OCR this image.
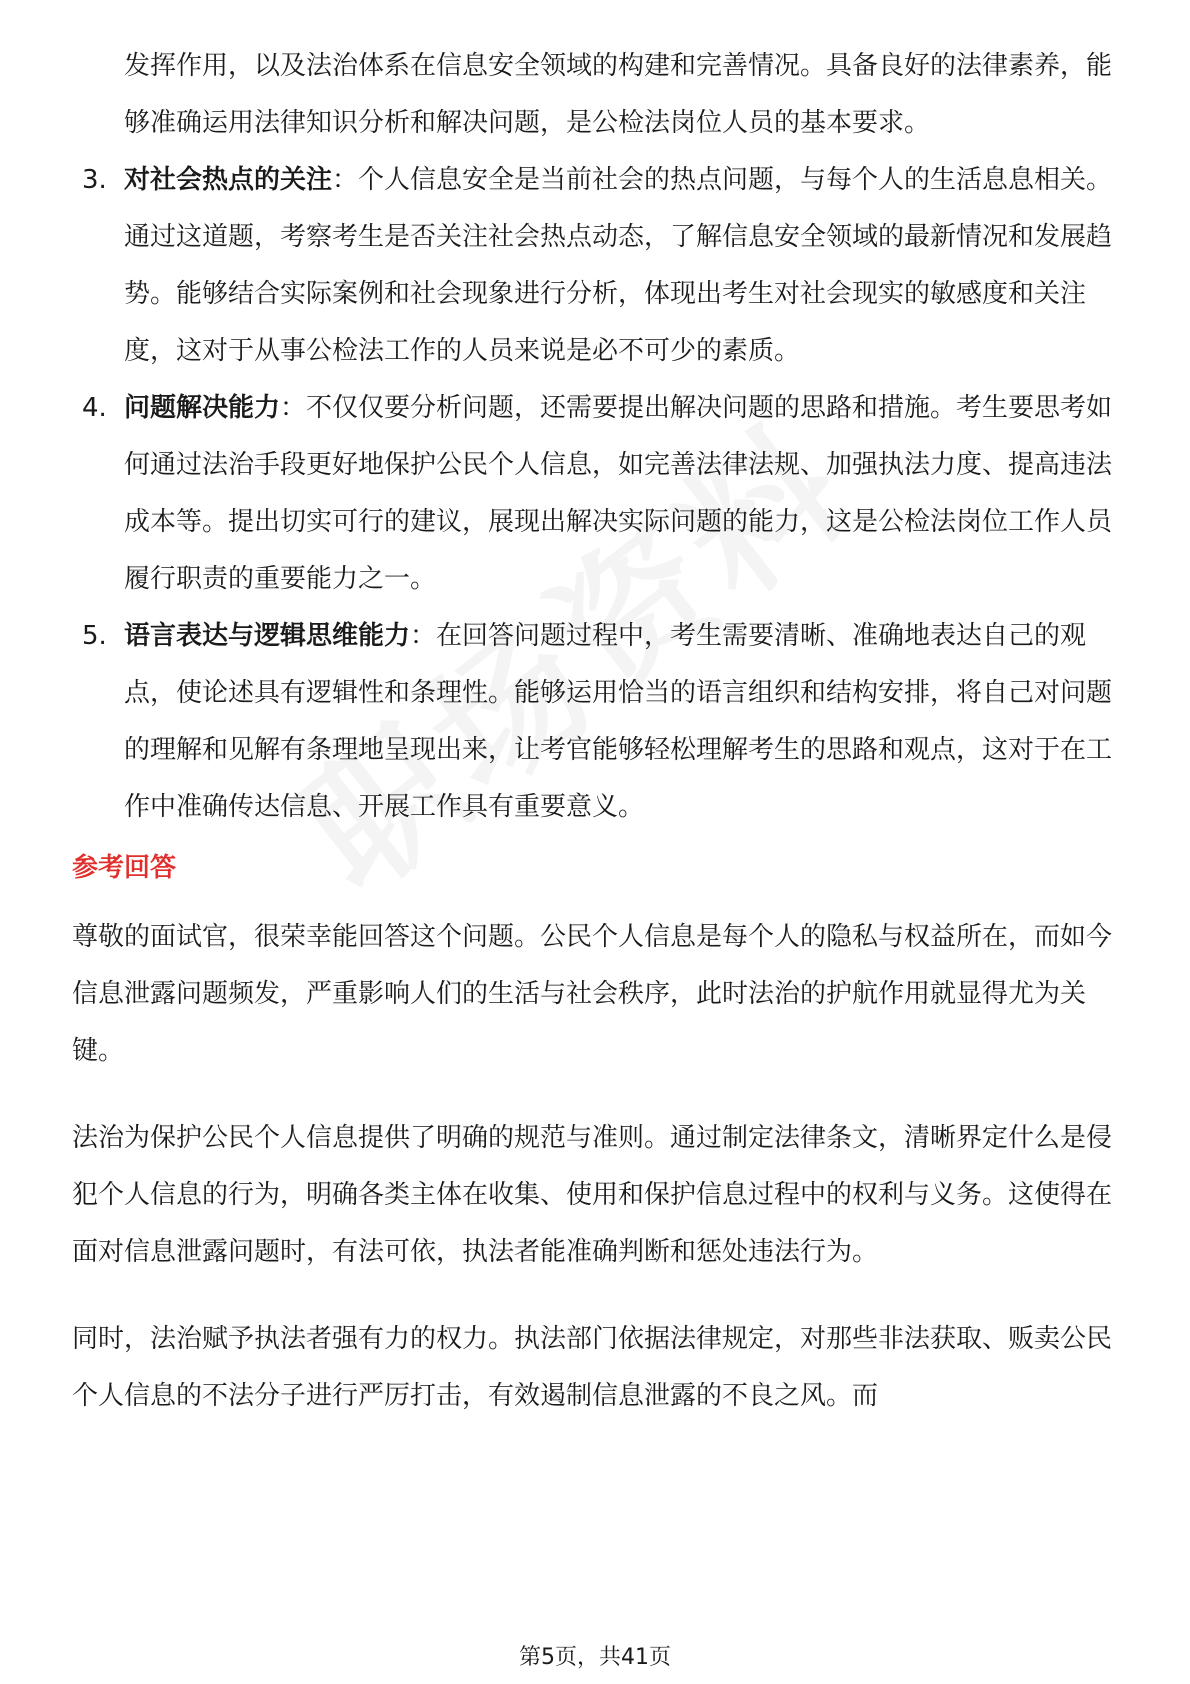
发挥作用，以及法治体系在信息安全领域的构建和完善情况。具备良好的法律素养，能够准确运用法律知识分析和解决问题，是公检法岗位人员的基本要求。

3. 对社会热点的关注：个人信息安全是当前社会的热点问题，与每个人的生活息息相关。通过这道题，考察考生是否关注社会热点动态，了解信息安全领域的最新情况和发展趋势。能够结合实际案例和社会现象进行分析，体现出考生对社会现实的敏感度和关注度，这对于从事公检法工作的人员来说是必不可少的素质。

4. 问题解决能力：不仅仅要分析问题，还需要提出解决问题的思路和措施。考生要思考如何通过法治手段更好地保护公民个人信息，如完善法律法规、加强执法力度、提高违法成本等。提出切实可行的建议，展现出解决实际问题的能力，这是公检法岗位工作人员履行职责的重要能力之一。

5. 语言表达与逻辑思维能力：在回答问题过程中，考生需要清晰、准确地表达自己的观点，使论述具有逻辑性和条理性。能够运用恰当的语言组织和结构安排，将自己对问题的理解和见解有条理地呈现出来，让考官能够轻松理解考生的思路和观点，这对于在工作中准确传达信息、开展工作具有重要意义。

参考回答

尊敬的面试官，很荣幸能回答这个问题。公民个人信息是每个人的隐私与权益所在，而如今信息泄露问题频发，严重影响人们的生活与社会秩序，此时法治的护航作用就显得尤为关键。

法治为保护公民个人信息提供了明确的规范与准则。通过制定法律条文，清晰界定什么是侵犯个人信息的行为，明确各类主体在收集、使用和保护信息过程中的权利与义务。这使得在面对信息泄露问题时，有法可依，执法者能准确判断和惩处违法行为。

同时，法治赋予执法者强有力的权力。执法部门依据法律规定，对那些非法获取、贩卖公民个人信息的不法分子进行严厉打击，有效遏制信息泄露的不良之风。而

第5页，共41页
